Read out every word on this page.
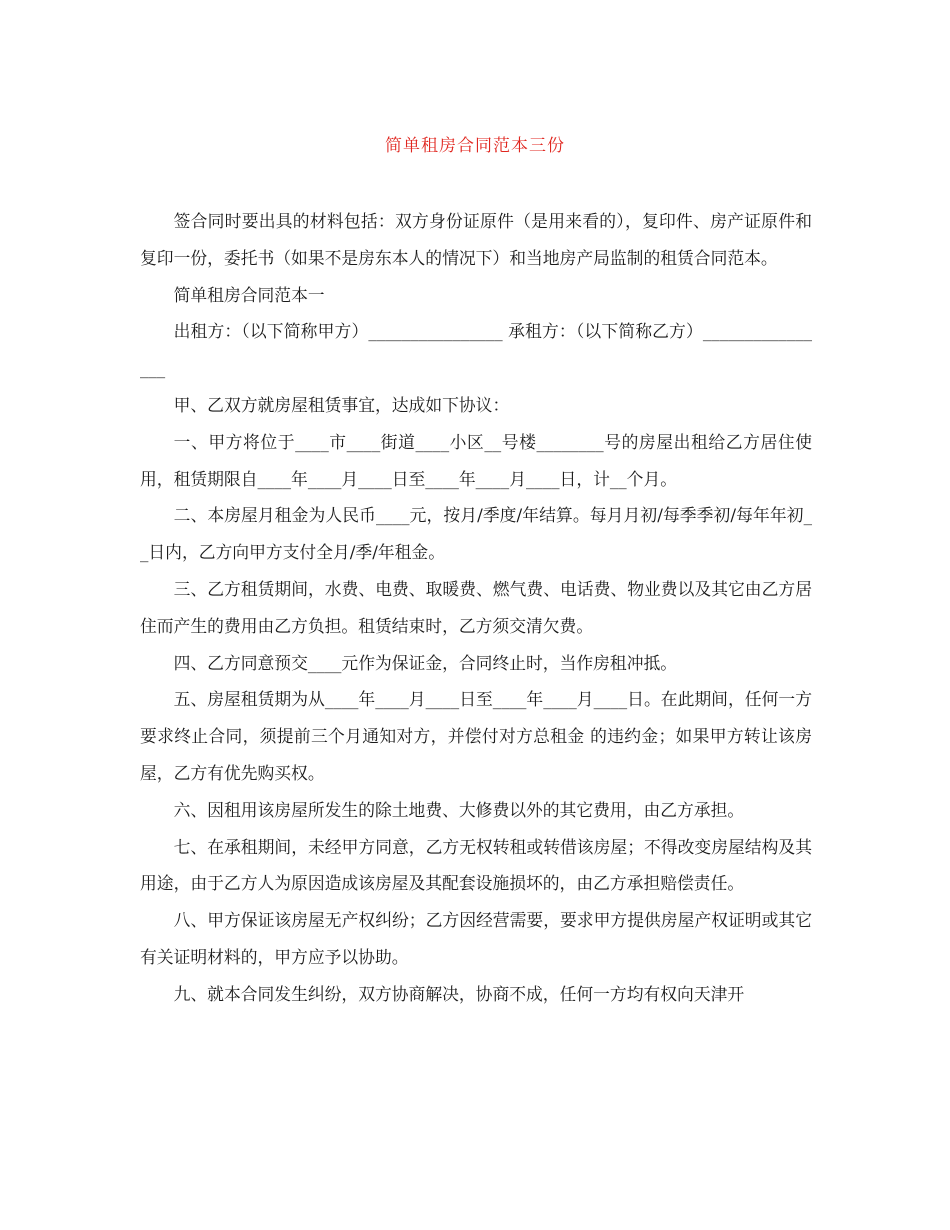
简单租房合同范本三份

签合同时要出具的材料包括：双方身份证原件（是用来看的），复印件、房产证原件和复印一份，委托书（如果不是房东本人的情况下）和当地房产局监制的租赁合同范本。

简单租房合同范本一

出租方：（以下简称甲方）________________ 承租方：（以下简称乙方）________________

甲、乙双方就房屋租赁事宜，达成如下协议：

一、甲方将位于____市____街道____小区__号楼________号的房屋出租给乙方居住使用，租赁期限自____年____月____日至____年____月____日，计__个月。

二、本房屋月租金为人民币____元，按月/季度/年结算。每月月初/每季季初/每年年初__日内，乙方向甲方支付全月/季/年租金。

三、乙方租赁期间，水费、电费、取暖费、燃气费、电话费、物业费以及其它由乙方居住而产生的费用由乙方负担。租赁结束时，乙方须交清欠费。

四、乙方同意预交____元作为保证金，合同终止时，当作房租冲抵。

五、房屋租赁期为从____年____月____日至____年____月____日。在此期间，任何一方要求终止合同，须提前三个月通知对方，并偿付对方总租金 的违约金；如果甲方转让该房屋，乙方有优先购买权。

六、因租用该房屋所发生的除土地费、大修费以外的其它费用，由乙方承担。

七、在承租期间，未经甲方同意，乙方无权转租或转借该房屋；不得改变房屋结构及其用途，由于乙方人为原因造成该房屋及其配套设施损坏的，由乙方承担赔偿责任。

八、甲方保证该房屋无产权纠纷；乙方因经营需要，要求甲方提供房屋产权证明或其它有关证明材料的，甲方应予以协助。

九、就本合同发生纠纷，双方协商解决，协商不成，任何一方均有权向天津开
